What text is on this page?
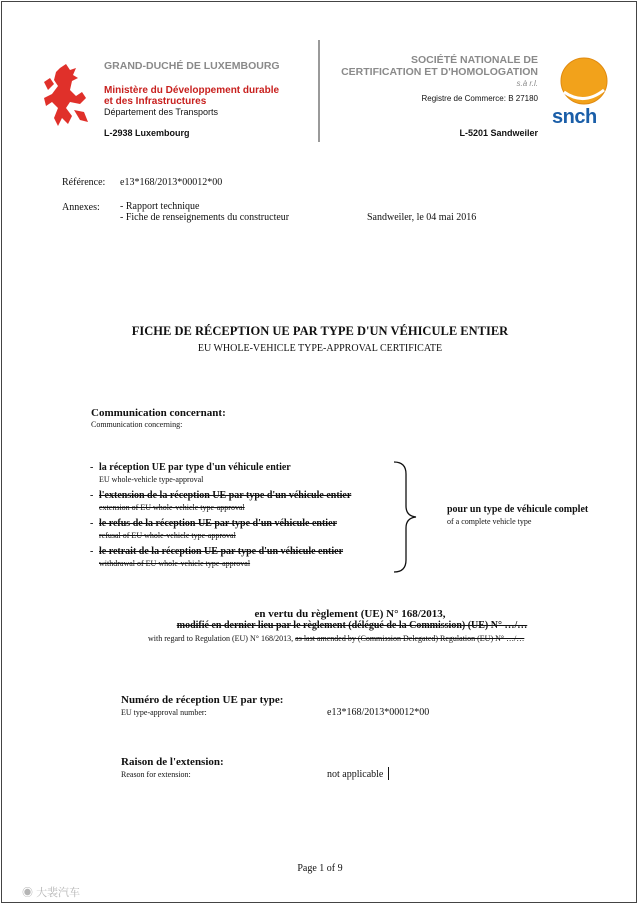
GRAND-DUCHÉ DE LUXEMBOURG
Ministère du Développement durable
et des Infrastructures
Département des Transports
L-2938 Luxembourg
SOCIÉTÉ NATIONALE DE
CERTIFICATION ET D'HOMOLOGATION
s.à r.l.
Registre de Commerce: B 27180
L-5201 Sandweiler
snch
Référence: e13*168/2013*00012*00
Annexes: - Rapport technique
- Fiche de renseignements du constructeur	Sandweiler, le 04 mai 2016
FICHE DE RÉCEPTION UE PAR TYPE D'UN VÉHICULE ENTIER
EU WHOLE-VEHICLE TYPE-APPROVAL CERTIFICATE
Communication concernant:
Communication concerning:
- la réception UE par type d'un véhicule entier
EU whole-vehicle type-approval
- l'extension de la réception UE par type d'un véhicule entier
extension of EU whole-vehicle type-approval
- le refus de la réception UE par type d'un véhicule entier
refusal of EU whole-vehicle type-approval
- le retrait de la réception UE par type d'un véhicule entier
withdrawal of EU whole-vehicle type-approval
pour un type de véhicule complet
of a complete vehicle type
en vertu du règlement (UE) N° 168/2013,
modifié en dernier lieu par le règlement (délégué de la Commission) (UE) N° …/…
with regard to Regulation (EU) N° 168/2013, as last amended by (Commission Delegated) Regulation (EU) N° …/…
Numéro de réception UE par type:
EU type-approval number:	e13*168/2013*00012*00
Raison de l'extension:
Reason for extension:	not applicable
Page 1 of 9
◉ 大裴汽车
